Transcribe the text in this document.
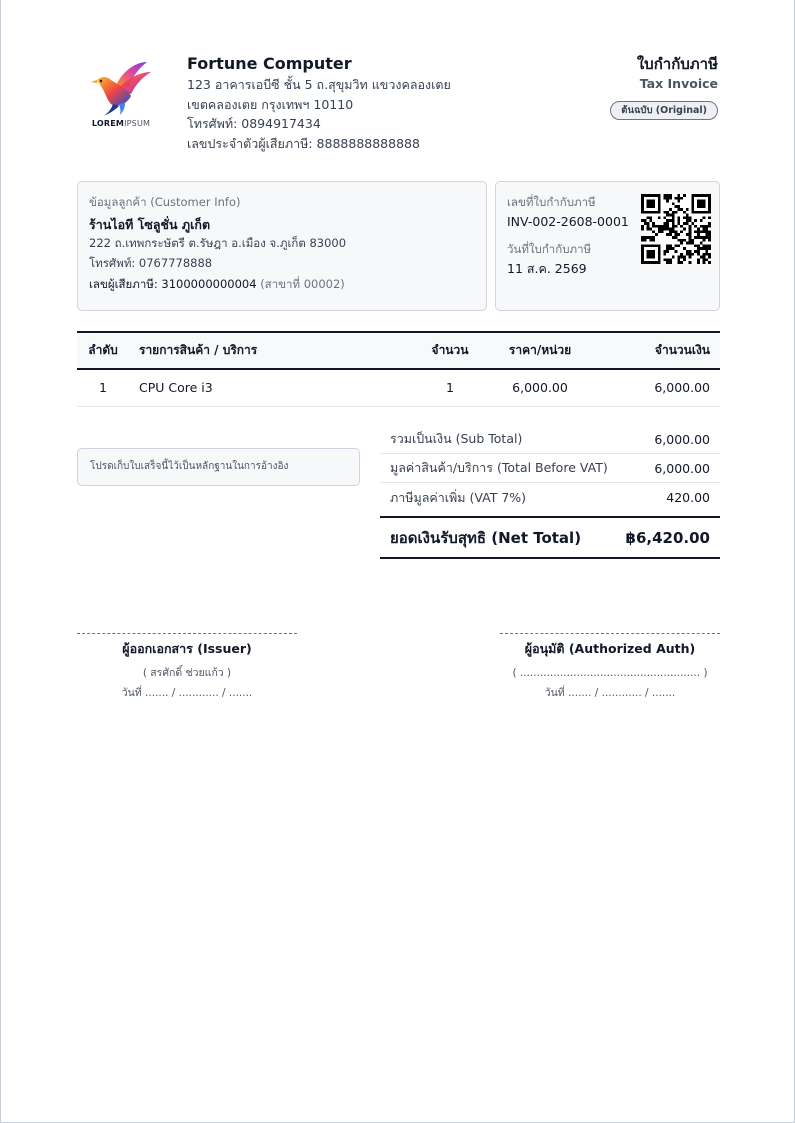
LOREMIPSUM
Fortune Computer
123 อาคารเอบีซี ชั้น 5 ถ.สุขุมวิท แขวงคลองเตย
เขตคลองเตย กรุงเทพฯ 10110
โทรศัพท์: 0894917434
เลขประจำตัวผู้เสียภาษี: 8888888888888
ใบกำกับภาษี
Tax Invoice
ต้นฉบับ (Original)
ข้อมูลลูกค้า (Customer Info)
ร้านไอที โซลูชั่น ภูเก็ต
222 ถ.เทพกระษัตรี ต.รัษฎา อ.เมือง จ.ภูเก็ต 83000
โทรศัพท์: 0767778888
เลขผู้เสียภาษี: 3100000000004 (สาขาที่ 00002)
เลขที่ใบกำกับภาษี
INV-002-2608-0001
วันที่ใบกำกับภาษี
11 ส.ค. 2569
ลำดับ	รายการสินค้า / บริการ	จำนวน	ราคา/หน่วย	จำนวนเงิน
1	CPU Core i3	1	6,000.00	6,000.00
โปรดเก็บใบเสร็จนี้ไว้เป็นหลักฐานในการอ้างอิง
รวมเป็นเงิน (Sub Total)	6,000.00
มูลค่าสินค้า/บริการ (Total Before VAT)	6,000.00
ภาษีมูลค่าเพิ่ม (VAT 7%)	420.00
ยอดเงินรับสุทธิ (Net Total)	฿6,420.00
ผู้ออกเอกสาร (Issuer)
( สรศักดิ์ ช่วยแก้ว )
วันที่ ....... / ............ / .......
ผู้อนุมัติ (Authorized Auth)
( ...................................................... )
วันที่ ....... / ............ / .......
